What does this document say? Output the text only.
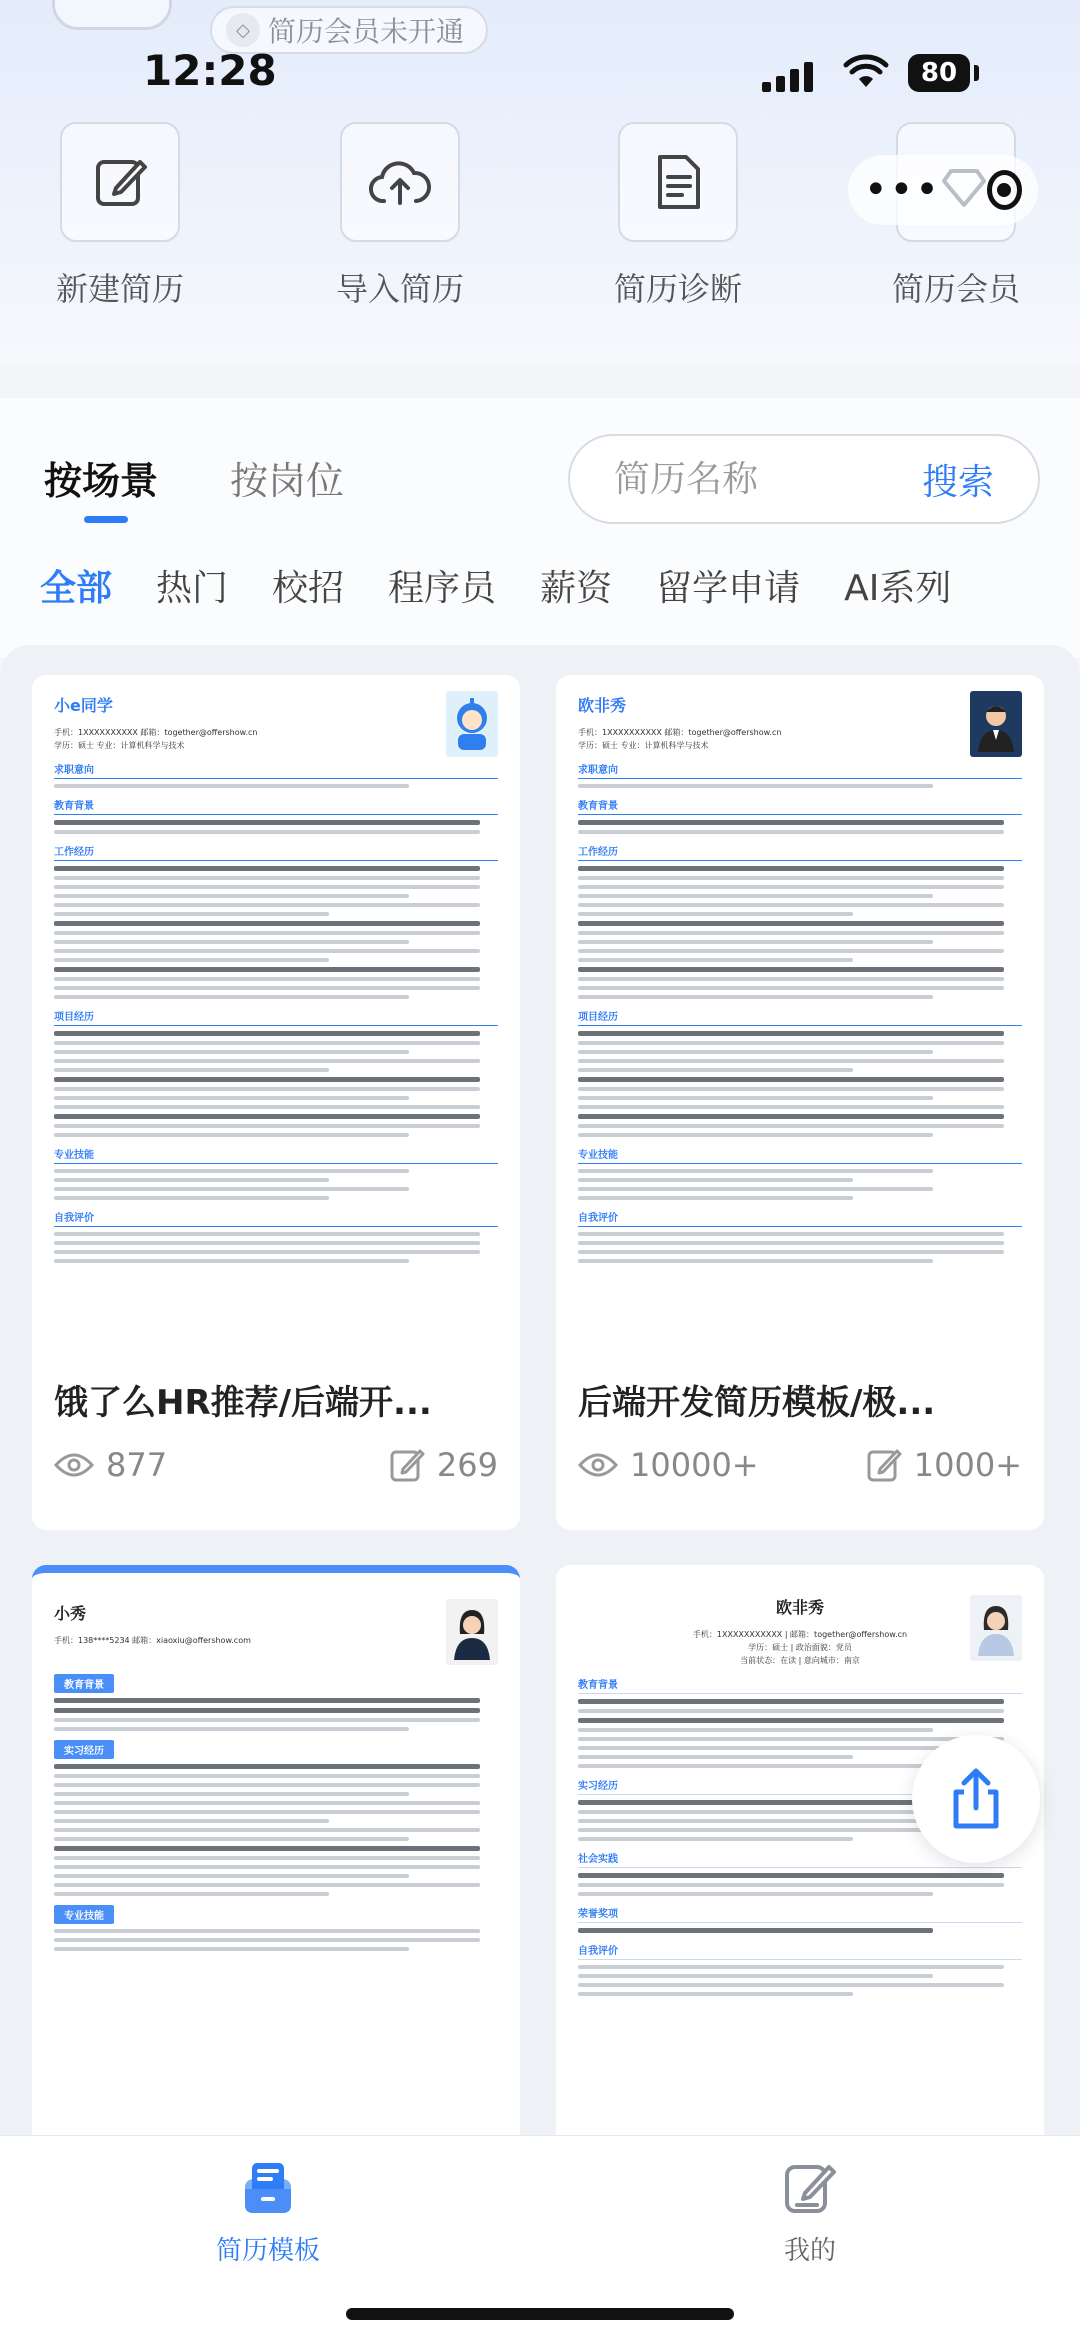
◇ 简历会员未开通
12:28	80
新建简历	导入简历	简历诊断	简历会员
•••
按场景 按岗位
简历名称	搜索
全部 热门 校招 程序员 薪资 留学申请 AI系列
小e同学
手机：1XXXXXXXXXX 邮箱：together@offershow.cn
学历：硕士 专业：计算机科学与技术
求职意向
教育背景
工作经历
项目经历
专业技能
自我评价
饿了么HR推荐/后端开...
877	269
欧非秀
手机：1XXXXXXXXXX 邮箱：together@offershow.cn
学历：硕士 专业：计算机科学与技术
求职意向
教育背景
工作经历
项目经历
专业技能
自我评价
后端开发简历模板/极...
10000+	1000+
小秀
手机：138****5234 邮箱：xiaoxiu@offershow.com
教育背景
实习经历
专业技能
欧非秀
手机：1XXXXXXXXXXX | 邮箱：together@offershow.cn
学历：硕士 | 政治面貌：党员
当前状态：在读 | 意向城市：南京
教育背景
实习经历
社会实践
荣誉奖项
自我评价
简历模板	我的
